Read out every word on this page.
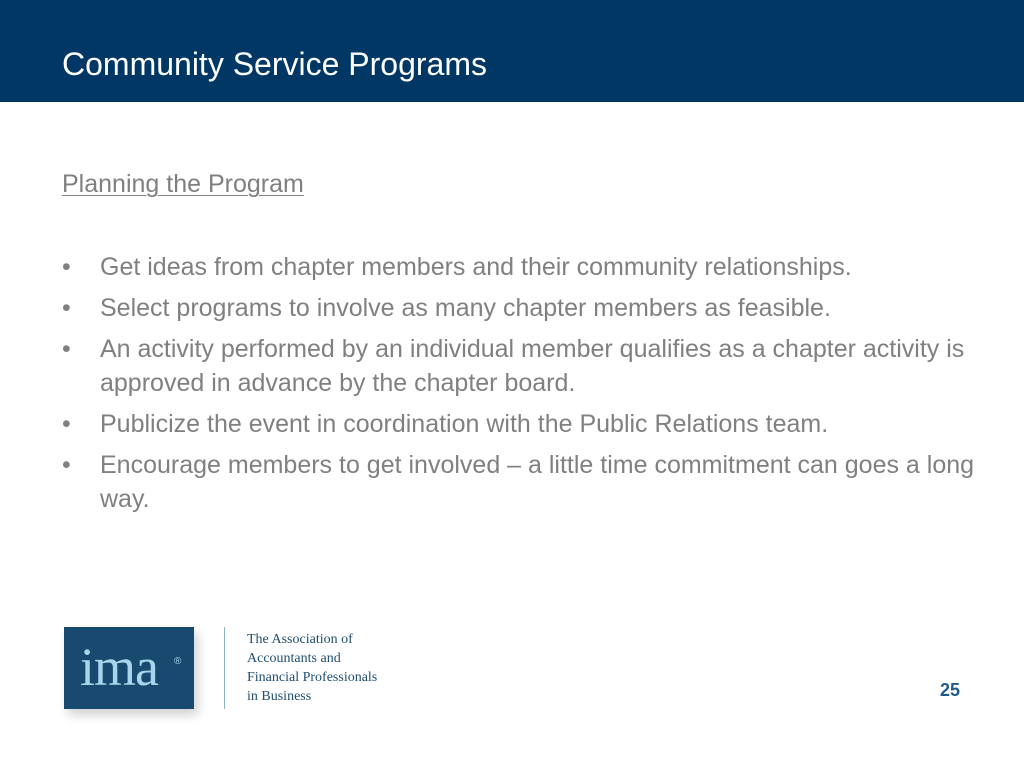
Community Service Programs
Planning the Program
•	Get ideas from chapter members and their community relationships.
•	Select programs to involve as many chapter members as feasible.
•	An activity performed by an individual member qualifies as a chapter activity is approved in advance by the chapter board.
•	Publicize the event in coordination with the Public Relations team.
•	Encourage members to get involved – a little time commitment can goes a long way.
ima ®
The Association of
Accountants and
Financial Professionals
in Business	25
